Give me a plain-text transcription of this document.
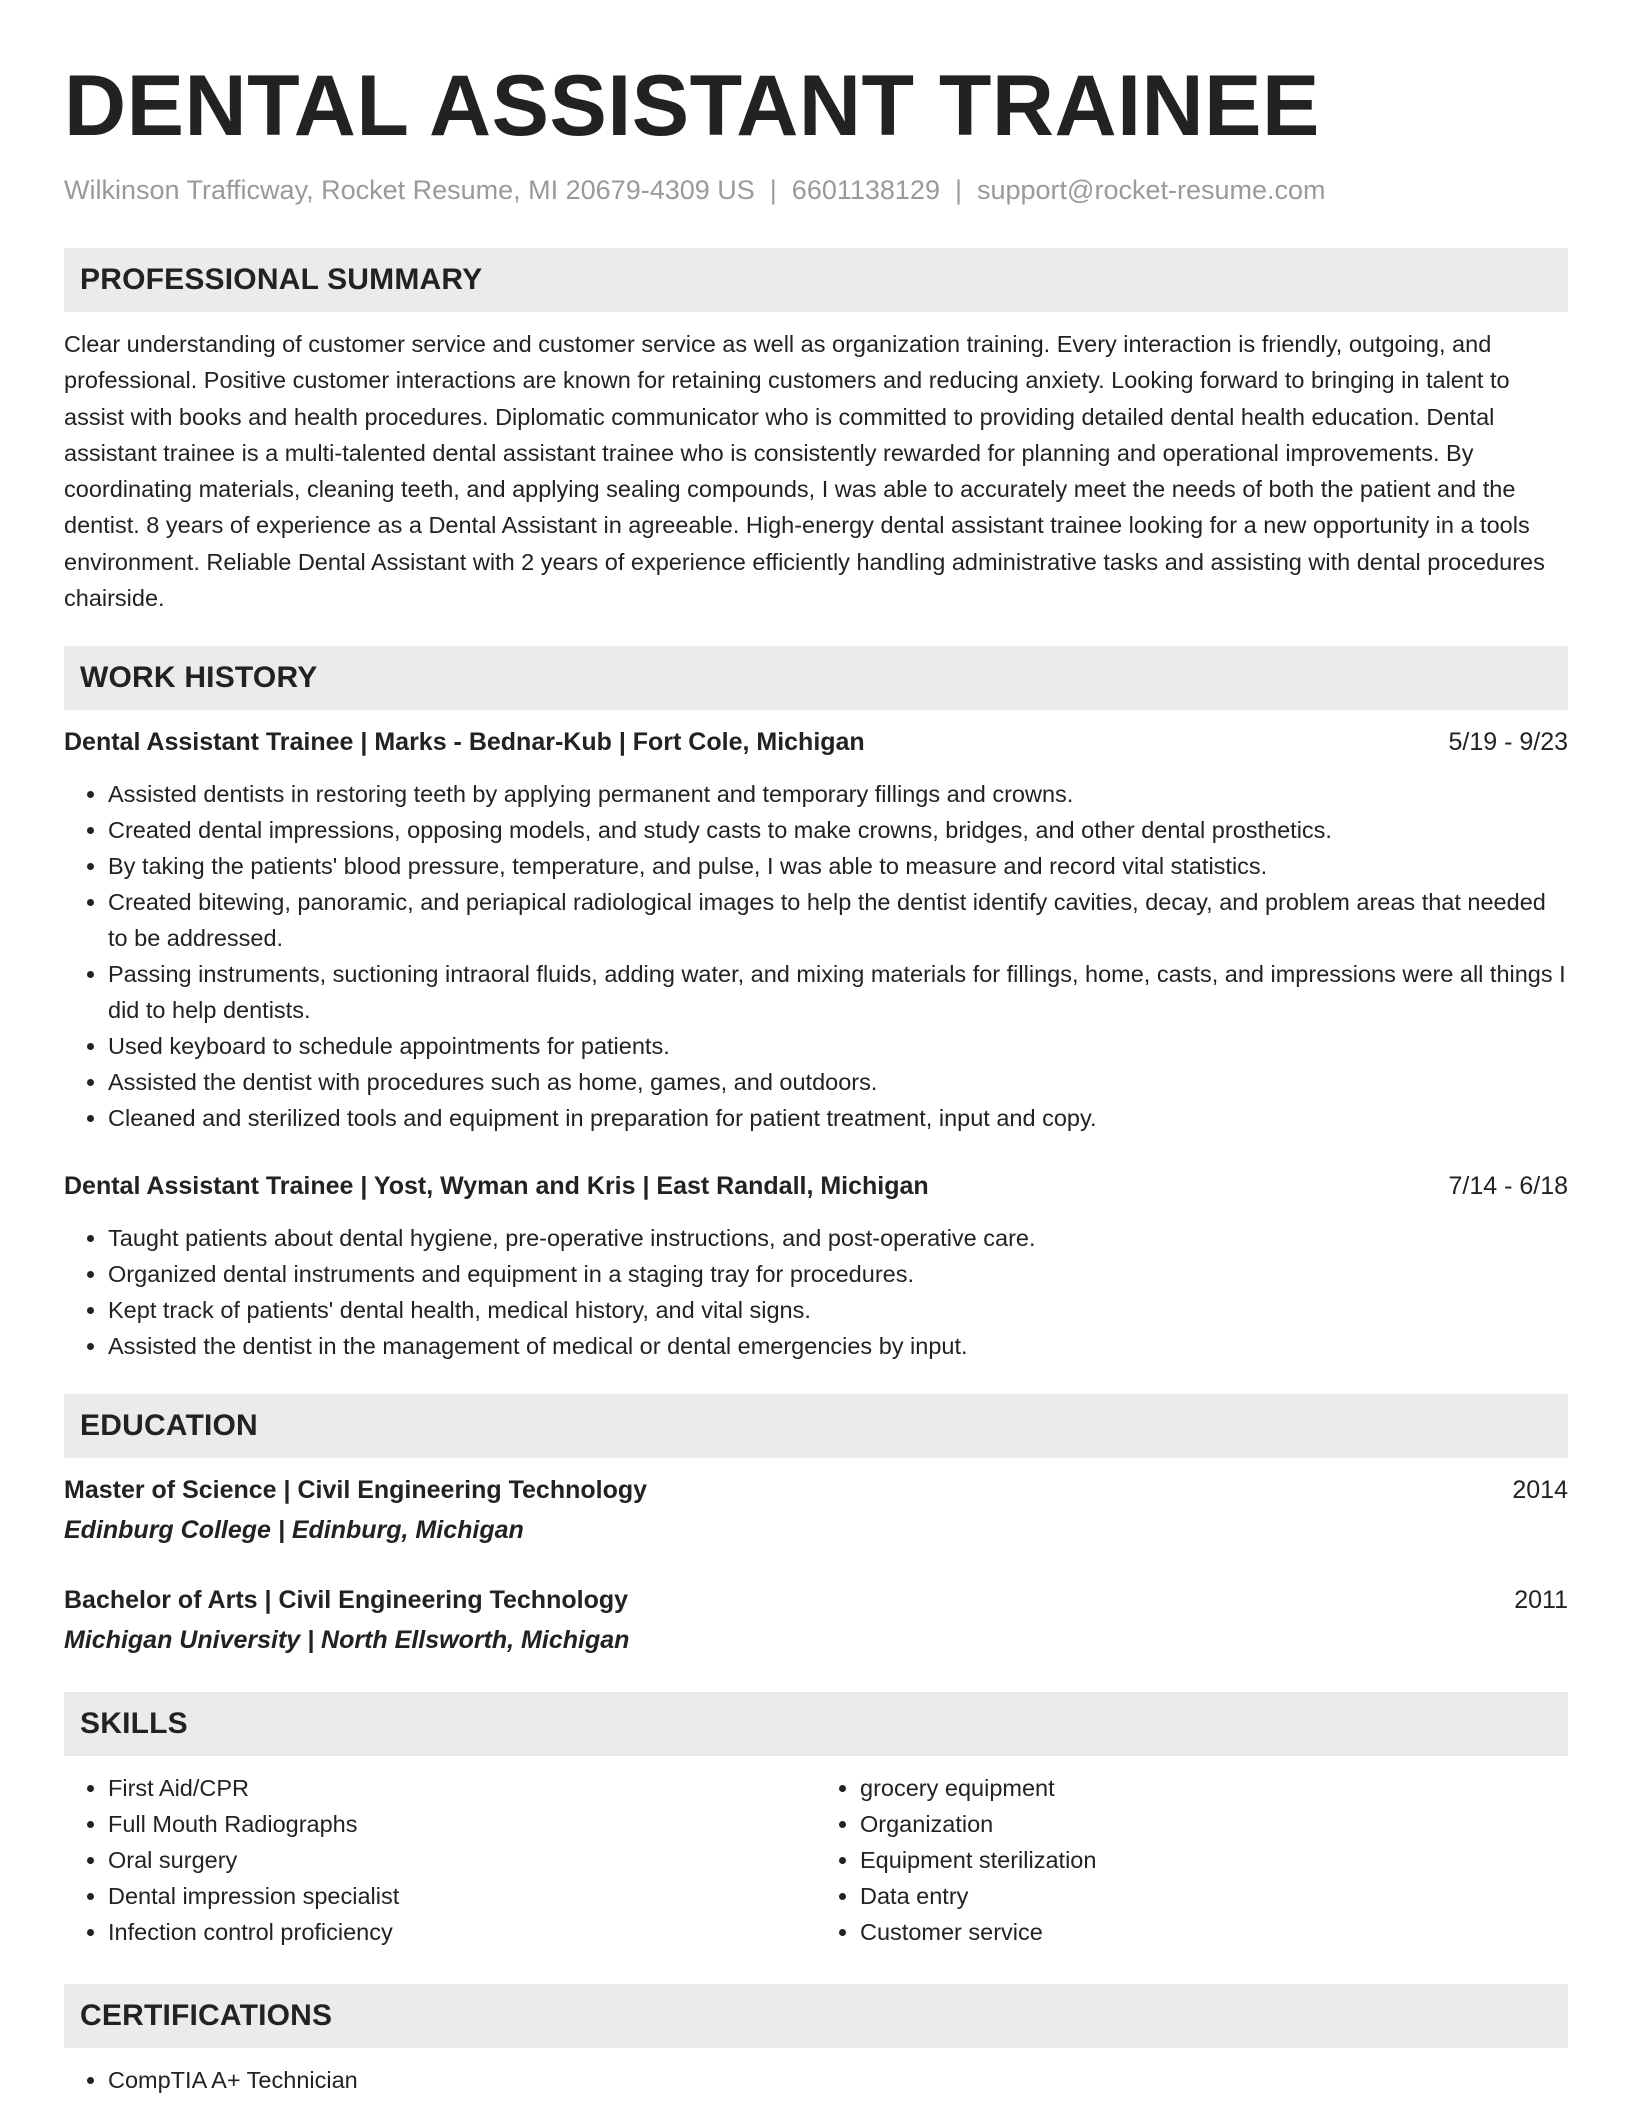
DENTAL ASSISTANT TRAINEE
Wilkinson Trafficway, Rocket Resume, MI 20679-4309 US | 6601138129 | support@rocket-resume.com
PROFESSIONAL SUMMARY

Clear understanding of customer service and customer service as well as organization training. Every interaction is friendly, outgoing, and professional. Positive customer interactions are known for retaining customers and reducing anxiety. Looking forward to bringing in talent to assist with books and health procedures. Diplomatic communicator who is committed to providing detailed dental health education. Dental assistant trainee is a multi-talented dental assistant trainee who is consistently rewarded for planning and operational improvements. By coordinating materials, cleaning teeth, and applying sealing compounds, I was able to accurately meet the needs of both the patient and the dentist. 8 years of experience as a Dental Assistant in agreeable. High-energy dental assistant trainee looking for a new opportunity in a tools environment. Reliable Dental Assistant with 2 years of experience efficiently handling administrative tasks and assisting with dental procedures chairside.

WORK HISTORY
Dental Assistant Trainee | Marks - Bednar-Kub | Fort Cole, Michigan	5/19 - 9/23
• Assisted dentists in restoring teeth by applying permanent and temporary fillings and crowns.
• Created dental impressions, opposing models, and study casts to make crowns, bridges, and other dental prosthetics.
• By taking the patients' blood pressure, temperature, and pulse, I was able to measure and record vital statistics.
• Created bitewing, panoramic, and periapical radiological images to help the dentist identify cavities, decay, and problem areas that needed to be addressed.
• Passing instruments, suctioning intraoral fluids, adding water, and mixing materials for fillings, home, casts, and impressions were all things I did to help dentists.
• Used keyboard to schedule appointments for patients.
• Assisted the dentist with procedures such as home, games, and outdoors.
• Cleaned and sterilized tools and equipment in preparation for patient treatment, input and copy.
Dental Assistant Trainee | Yost, Wyman and Kris | East Randall, Michigan	7/14 - 6/18
• Taught patients about dental hygiene, pre-operative instructions, and post-operative care.
• Organized dental instruments and equipment in a staging tray for procedures.
• Kept track of patients' dental health, medical history, and vital signs.
• Assisted the dentist in the management of medical or dental emergencies by input.
EDUCATION
Master of Science | Civil Engineering Technology	2014
Edinburg College | Edinburg, Michigan
Bachelor of Arts | Civil Engineering Technology	2011
Michigan University | North Ellsworth, Michigan
SKILLS
• First Aid/CPR
• Full Mouth Radiographs
• Oral surgery
• Dental impression specialist
• Infection control proficiency
• grocery equipment
• Organization
• Equipment sterilization
• Data entry
• Customer service
CERTIFICATIONS
• CompTIA A+ Technician
